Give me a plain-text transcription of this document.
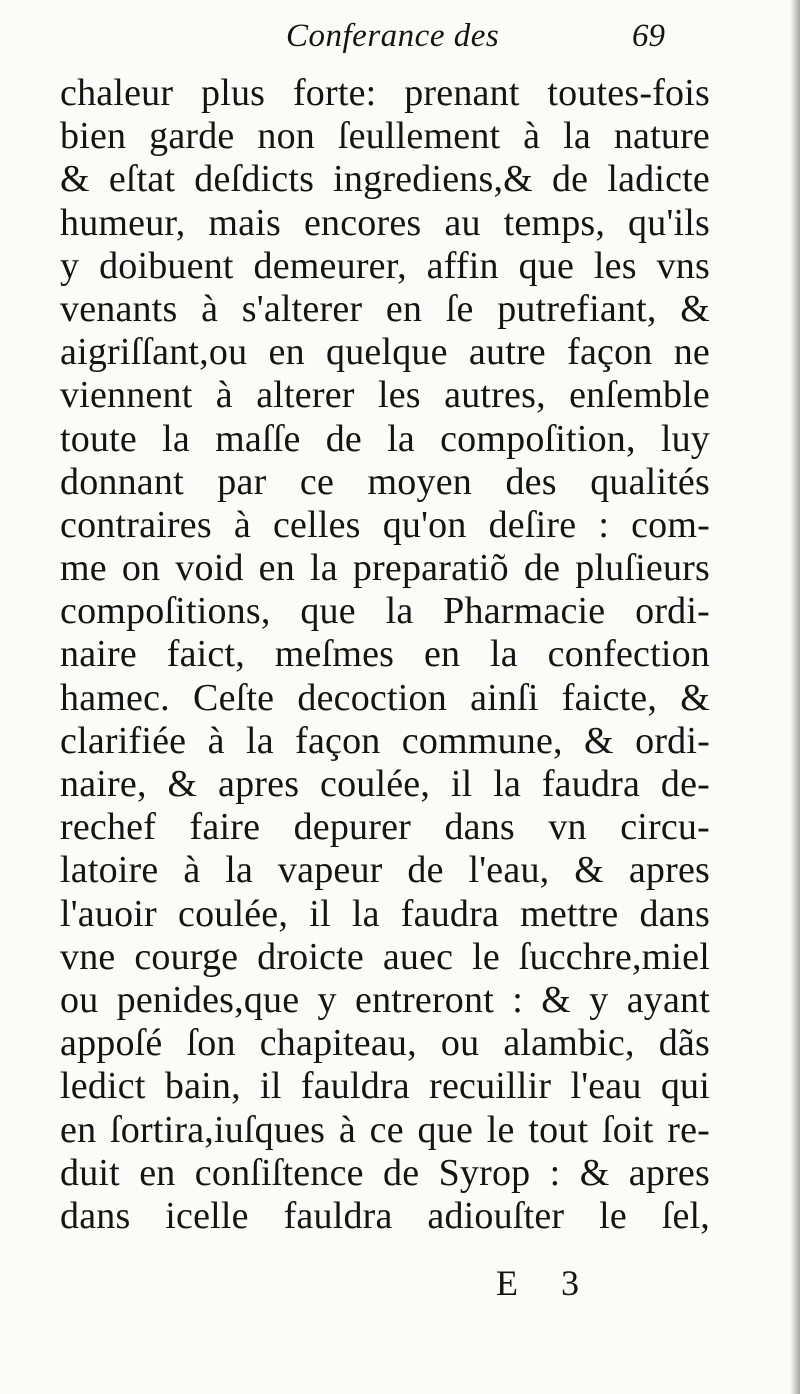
Conferance des	69
chaleur plus forte: prenant toutes-fois
bien garde non ſeullement à la nature
& eſtat deſdicts ingrediens,& de ladicte
humeur, mais encores au temps, qu'ils
y doibuent demeurer, affin que les vns
venants à s'alterer en ſe putrefiant, &
aigriſſant,ou en quelque autre façon ne
viennent à alterer les autres, enſemble
toute la maſſe de la compoſition, luy
donnant par ce moyen des qualités
contraires à celles qu'on deſire : com-
me on void en la preparatiõ de pluſieurs
compoſitions, que la Pharmacie ordi-
naire faict, meſmes en la confection
hamec. Ceſte decoction ainſi faicte, &
clarifiée à la façon commune, & ordi-
naire, & apres coulée, il la faudra de-
rechef faire depurer dans vn circu-
latoire à la vapeur de l'eau, & apres
l'auoir coulée, il la faudra mettre dans
vne courge droicte auec le ſucchre,miel
ou penides,que y entreront : & y ayant
appoſé ſon chapiteau, ou alambic, dãs
ledict bain, il fauldra recuillir l'eau qui
en ſortira,iuſques à ce que le tout ſoit re-
duit en conſiſtence de Syrop : & apres
dans icelle fauldra adiouſter le ſel,
E 3
